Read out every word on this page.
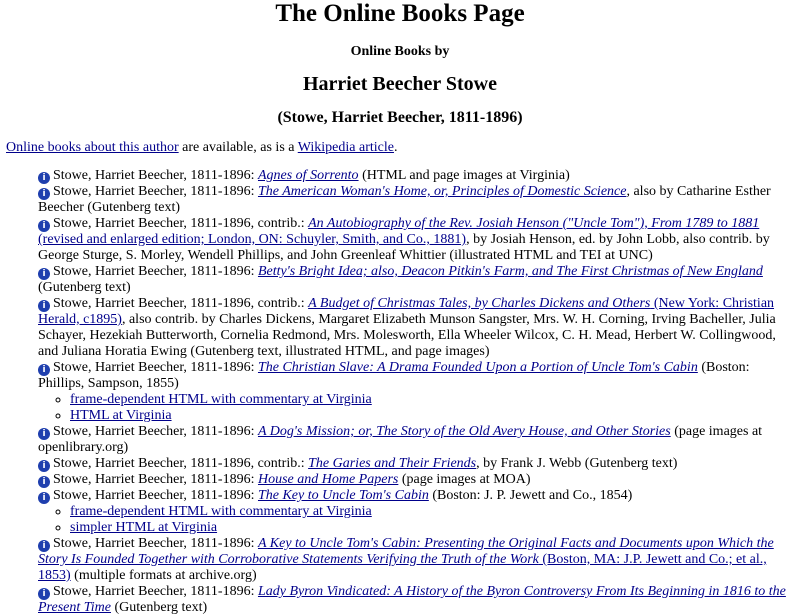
The Online Books Page
Online Books by
Harriet Beecher Stowe
(Stowe, Harriet Beecher, 1811-1896)
Online books about this author are available, as is a Wikipedia article.
i Stowe, Harriet Beecher, 1811-1896: Agnes of Sorrento (HTML and page images at Virginia)
i Stowe, Harriet Beecher, 1811-1896: The American Woman's Home, or, Principles of Domestic Science, also by Catharine Esther Beecher (Gutenberg text)
i Stowe, Harriet Beecher, 1811-1896, contrib.: An Autobiography of the Rev. Josiah Henson ("Uncle Tom"), From 1789 to 1881 (revised and enlarged edition; London, ON: Schuyler, Smith, and Co., 1881), by Josiah Henson, ed. by John Lobb, also contrib. by George Sturge, S. Morley, Wendell Phillips, and John Greenleaf Whittier (illustrated HTML and TEI at UNC)
i Stowe, Harriet Beecher, 1811-1896: Betty's Bright Idea; also, Deacon Pitkin's Farm, and The First Christmas of New England (Gutenberg text)
i Stowe, Harriet Beecher, 1811-1896, contrib.: A Budget of Christmas Tales, by Charles Dickens and Others (New York: Christian Herald, c1895), also contrib. by Charles Dickens, Margaret Elizabeth Munson Sangster, Mrs. W. H. Corning, Irving Bacheller, Julia Schayer, Hezekiah Butterworth, Cornelia Redmond, Mrs. Molesworth, Ella Wheeler Wilcox, C. H. Mead, Herbert W. Collingwood, and Juliana Horatia Ewing (Gutenberg text, illustrated HTML, and page images)
i Stowe, Harriet Beecher, 1811-1896: The Christian Slave: A Drama Founded Upon a Portion of Uncle Tom's Cabin (Boston: Phillips, Sampson, 1855)
◦ frame-dependent HTML with commentary at Virginia
◦ HTML at Virginia
i Stowe, Harriet Beecher, 1811-1896: A Dog's Mission; or, The Story of the Old Avery House, and Other Stories (page images at openlibrary.org)
i Stowe, Harriet Beecher, 1811-1896, contrib.: The Garies and Their Friends, by Frank J. Webb (Gutenberg text)
i Stowe, Harriet Beecher, 1811-1896: House and Home Papers (page images at MOA)
i Stowe, Harriet Beecher, 1811-1896: The Key to Uncle Tom's Cabin (Boston: J. P. Jewett and Co., 1854)
◦ frame-dependent HTML with commentary at Virginia
◦ simpler HTML at Virginia
i Stowe, Harriet Beecher, 1811-1896: A Key to Uncle Tom's Cabin: Presenting the Original Facts and Documents upon Which the Story Is Founded Together with Corroborative Statements Verifying the Truth of the Work (Boston, MA: J.P. Jewett and Co.; et al., 1853) (multiple formats at archive.org)
i Stowe, Harriet Beecher, 1811-1896: Lady Byron Vindicated: A History of the Byron Controversy From Its Beginning in 1816 to the Present Time (Gutenberg text)
